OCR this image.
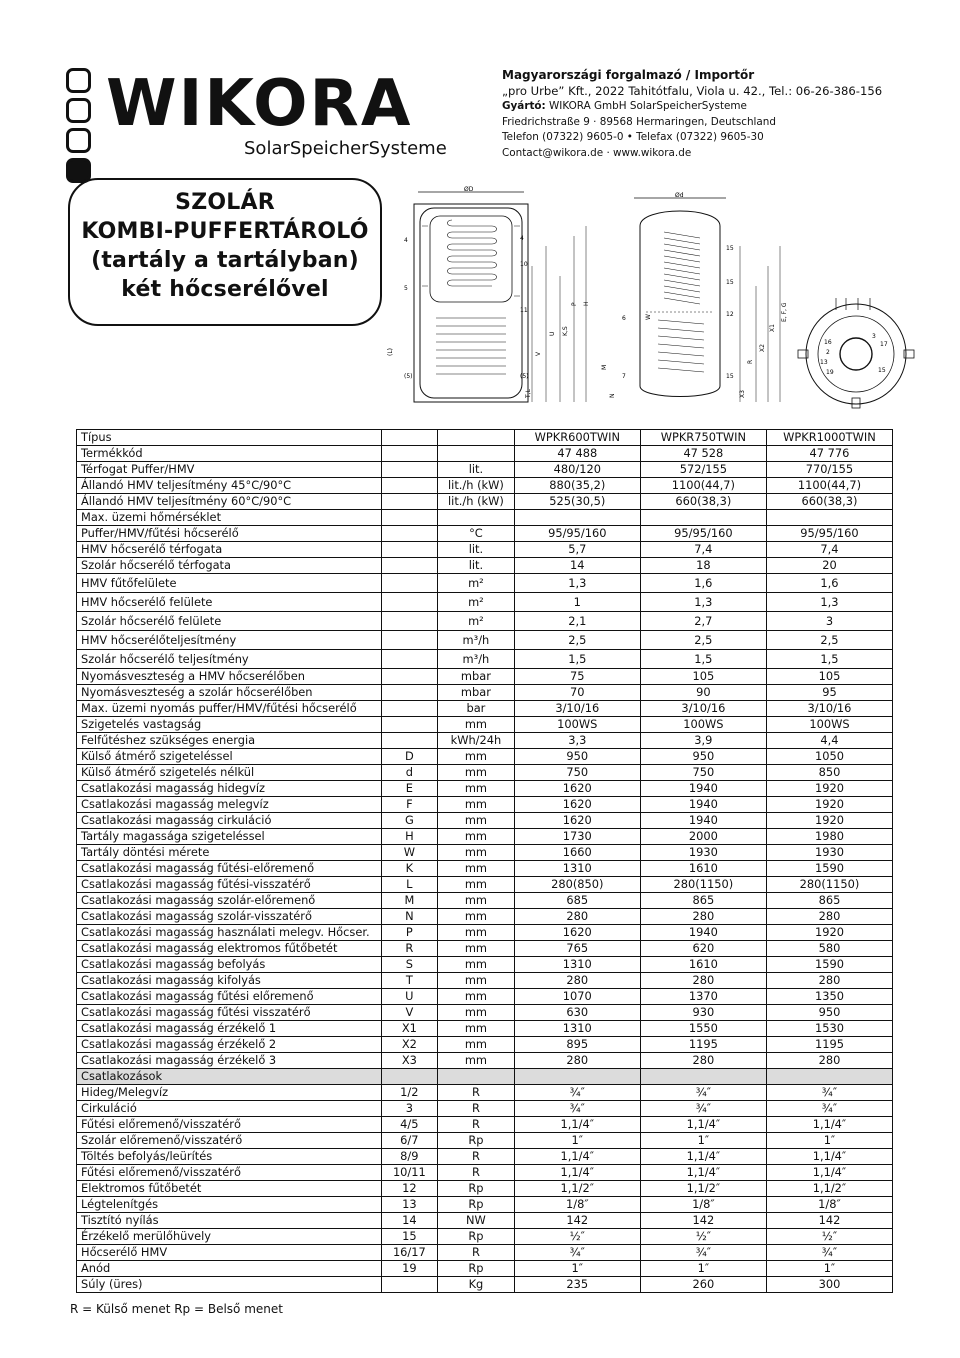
WIKORA
SolarSpeicherSysteme
Magyarországi forgalmazó / Importőr
„pro Urbe” Kft., 2022 Tahitótfalu, Viola u. 42., Tel.: 06-26-386-156
Gyártó: WIKORA GmbH SolarSpeicherSysteme
Friedrichstraße 9 · 89568 Hermaringen, Deutschland
Telefon (07322) 9605-0 • Telefax (07322) 9605-30
Contact@wikora.de · www.wikora.de
SZOLÁR
KOMBI-PUFFERTÁROLÓ
(tartály a tartályban)
két hőcserélővel
ØD
4
5
4
10
11
(5)	(5)
(L)	V
U K,S
P H
T,L
Ød
15
15
12
6
7	15
W
M
N
R
X1
X2
X3
E, F, G
16
2
13
19
3
17
15
Típus			WPKR600TWIN	WPKR750TWIN	WPKR1000TWIN
Termékkód			47 488	47 528	47 776
Térfogat Puffer/HMV		lit.	480/120	572/155	770/155
Állandó HMV teljesítmény 45°C/90°C		lit./h (kW)	880(35,2)	1100(44,7)	1100(44,7)
Állandó HMV teljesítmény 60°C/90°C		lit./h (kW)	525(30,5)	660(38,3)	660(38,3)
Max. üzemi hőmérséklet					
Puffer/HMV/fűtési hőcserélő		°C	95/95/160	95/95/160	95/95/160
HMV hőcserélő térfogata		lit.	5,7	7,4	7,4
Szolár hőcserélő térfogata		lit.	14	18	20
HMV fűtőfelülete		m²	1,3	1,6	1,6
HMV hőcserélő felülete		m²	1	1,3	1,3
Szolár hőcserélő felülete		m²	2,1	2,7	3
HMV hőcserélőteljesítmény		m³/h	2,5	2,5	2,5
Szolár hőcserélő teljesítmény		m³/h	1,5	1,5	1,5
Nyomásveszteség a HMV hőcserélőben		mbar	75	105	105
Nyomásveszteség a szolár hőcserélőben		mbar	70	90	95
Max. üzemi nyomás puffer/HMV/fűtési hőcserélő		bar	3/10/16	3/10/16	3/10/16
Szigetelés vastagság		mm	100WS	100WS	100WS
Felfűtéshez szükséges energia		kWh/24h	3,3	3,9	4,4
Külső átmérő szigeteléssel	D	mm	950	950	1050
Külső átmérő szigetelés nélkül	d	mm	750	750	850
Csatlakozási magasság hidegvíz	E	mm	1620	1940	1920
Csatlakozási magasság melegvíz	F	mm	1620	1940	1920
Csatlakozási magasság cirkuláció	G	mm	1620	1940	1920
Tartály magassága szigeteléssel	H	mm	1730	2000	1980
Tartály döntési mérete	W	mm	1660	1930	1930
Csatlakozási magasság fűtési-előremenő	K	mm	1310	1610	1590
Csatlakozási magasság fűtési-visszatérő	L	mm	280(850)	280(1150)	280(1150)
Csatlakozási magasság szolár-előremenő	M	mm	685	865	865
Csatlakozási magasság szolár-visszatérő	N	mm	280	280	280
Csatlakozási magasság használati melegv. Hőcser.	P	mm	1620	1940	1920
Csatlakozási magasság elektromos fűtőbetét	R	mm	765	620	580
Csatlakozási magasság befolyás	S	mm	1310	1610	1590
Csatlakozási magasság kifolyás	T	mm	280	280	280
Csatlakozási magasság fűtési előremenő	U	mm	1070	1370	1350
Csatlakozási magasság fűtési visszatérő	V	mm	630	930	950
Csatlakozási magasság érzékelő 1	X1	mm	1310	1550	1530
Csatlakozási magasság érzékelő 2	X2	mm	895	1195	1195
Csatlakozási magasság érzékelő 3	X3	mm	280	280	280
Csatlakozások					
Hideg/Melegvíz	1/2	R	¾″	¾″	¾″
Cirkuláció	3	R	¾″	¾″	¾″
Fűtési előremenő/visszatérő	4/5	R	1,1/4″	1,1/4″	1,1/4″
Szolár előremenő/visszatérő	6/7	Rp	1″	1″	1″
Töltés befolyás/leürítés	8/9	R	1,1/4″	1,1/4″	1,1/4″
Fűtési előremenő/visszatérő	10/11	R	1,1/4″	1,1/4″	1,1/4″
Elektromos fűtőbetét	12	Rp	1,1/2″	1,1/2″	1,1/2″
Légtelenítgés	13	Rp	1/8″	1/8″	1/8″
Tisztító nyílás	14	NW	142	142	142
Érzékelő merülőhüvely	15	Rp	½″	½″	½″
Hőcserélő HMV	16/17	R	¾″	¾″	¾″
Anód	19	Rp	1″	1″	1″
Súly (üres)		Kg	235	260	300
R = Külső menet Rp = Belső menet
